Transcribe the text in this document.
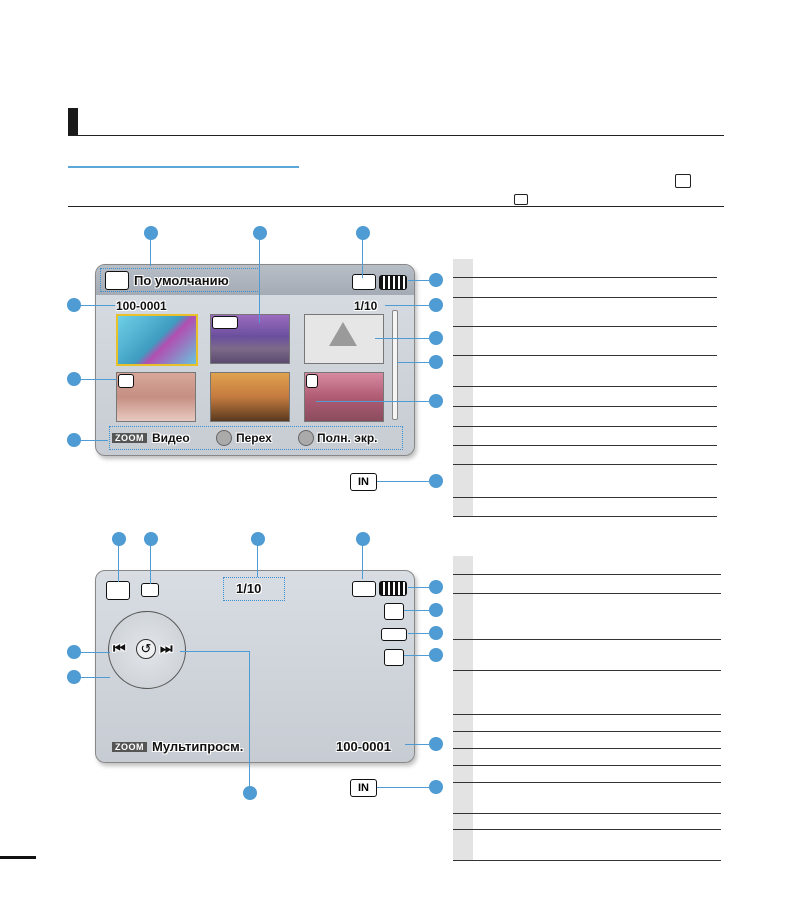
По умолчанию
100-0001	1/10
ZOOM Видео	Перех	Полн. экр.
IN
1/10
⏮	↺ ⏭
ZOOM Мультипросм.	100-0001
IN
